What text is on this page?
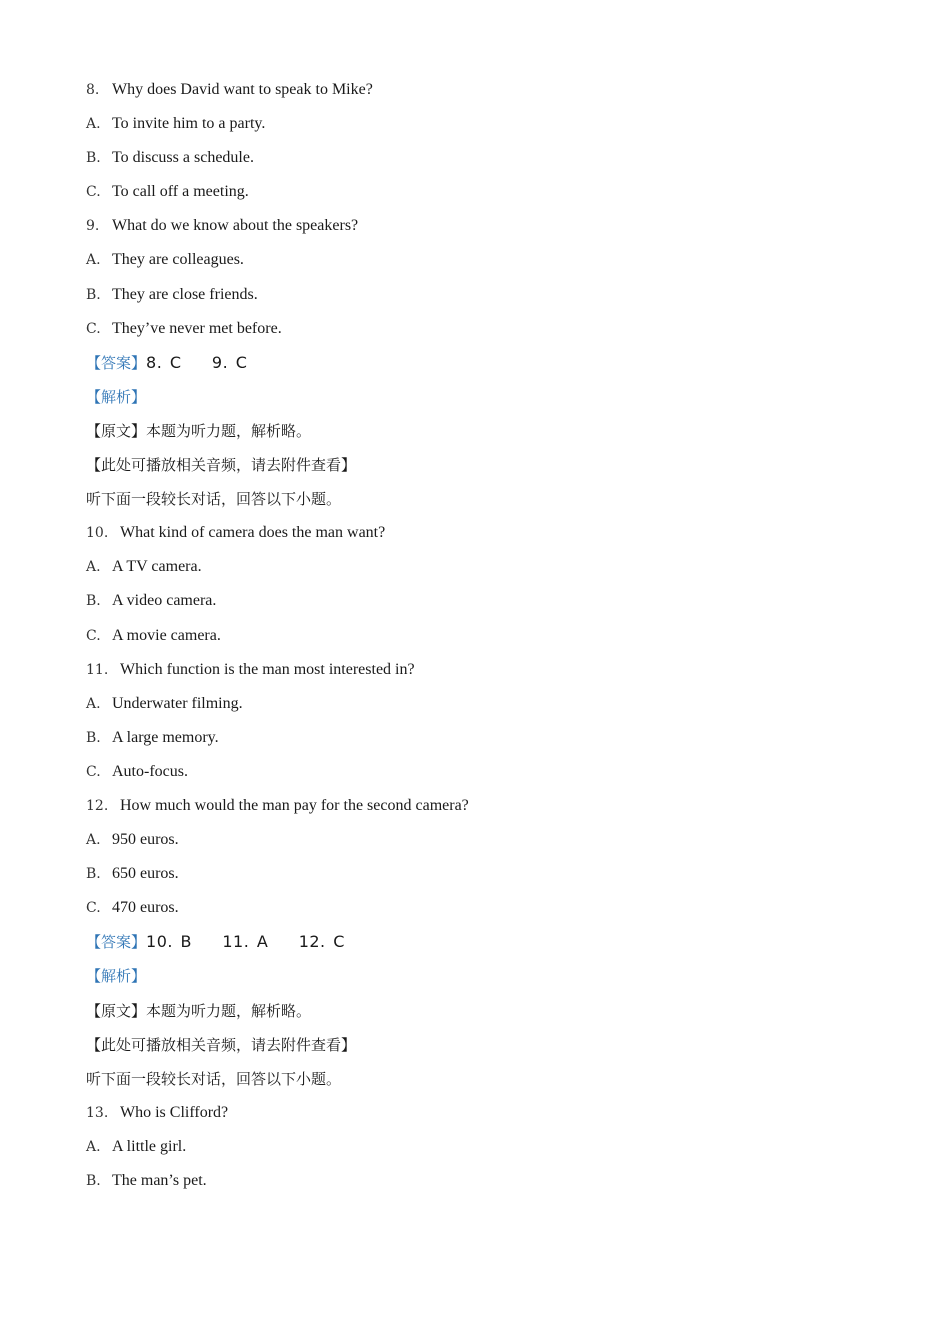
8. Why does David want to speak to Mike?
A. To invite him to a party.
B. To discuss a schedule.
C. To call off a meeting.
9. What do we know about the speakers?
A. They are colleagues.
B. They are close friends.
C. They’ve never met before.
【答案】8. C    9. C
【解析】
【原文】本题为听力题，解析略。
【此处可播放相关音频，请去附件查看】
听下面一段较长对话，回答以下小题。
10. What kind of camera does the man want?
A. A TV camera.
B. A video camera.
C. A movie camera.
11. Which function is the man most interested in?
A. Underwater filming.
B. A large memory.
C. Auto-focus.
12. How much would the man pay for the second camera?
A. 950 euros.
B. 650 euros.
C. 470 euros.
【答案】10. B    11. A    12. C
【解析】
【原文】本题为听力题，解析略。
【此处可播放相关音频，请去附件查看】
听下面一段较长对话，回答以下小题。
13. Who is Clifford?
A. A little girl.
B. The man’s pet.
